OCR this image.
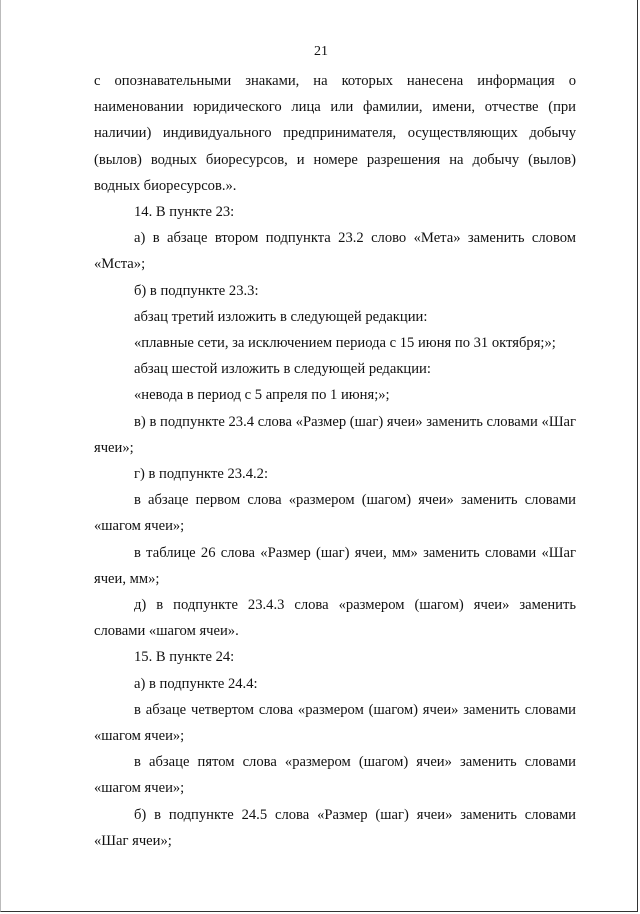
21

с опознавательными знаками, на которых нанесена информация о наименовании юридического лица или фамилии, имени, отчестве (при наличии) индивидуального предпринимателя, осуществляющих добычу (вылов) водных биоресурсов, и номере разрешения на добычу (вылов) водных биоресурсов.».

14. В пункте 23:

а) в абзаце втором подпункта 23.2 слово «Мета» заменить словом «Мста»;

б) в подпункте 23.3:

абзац третий изложить в следующей редакции:

«плавные сети, за исключением периода с 15 июня по 31 октября;»;

абзац шестой изложить в следующей редакции:

«невода в период с 5 апреля по 1 июня;»;

в) в подпункте 23.4 слова «Размер (шаг) ячеи» заменить словами «Шаг ячеи»;

г) в подпункте 23.4.2:

в абзаце первом слова «размером (шагом) ячеи» заменить словами «шагом ячеи»;

в таблице 26 слова «Размер (шаг) ячеи, мм» заменить словами «Шаг ячеи, мм»;

д) в подпункте 23.4.3 слова «размером (шагом) ячеи» заменить словами «шагом ячеи».

15. В пункте 24:

а) в подпункте 24.4:

в абзаце четвертом слова «размером (шагом) ячеи» заменить словами «шагом ячеи»;

в абзаце пятом слова «размером (шагом) ячеи» заменить словами «шагом ячеи»;

б) в подпункте 24.5 слова «Размер (шаг) ячеи» заменить словами «Шаг ячеи»;
